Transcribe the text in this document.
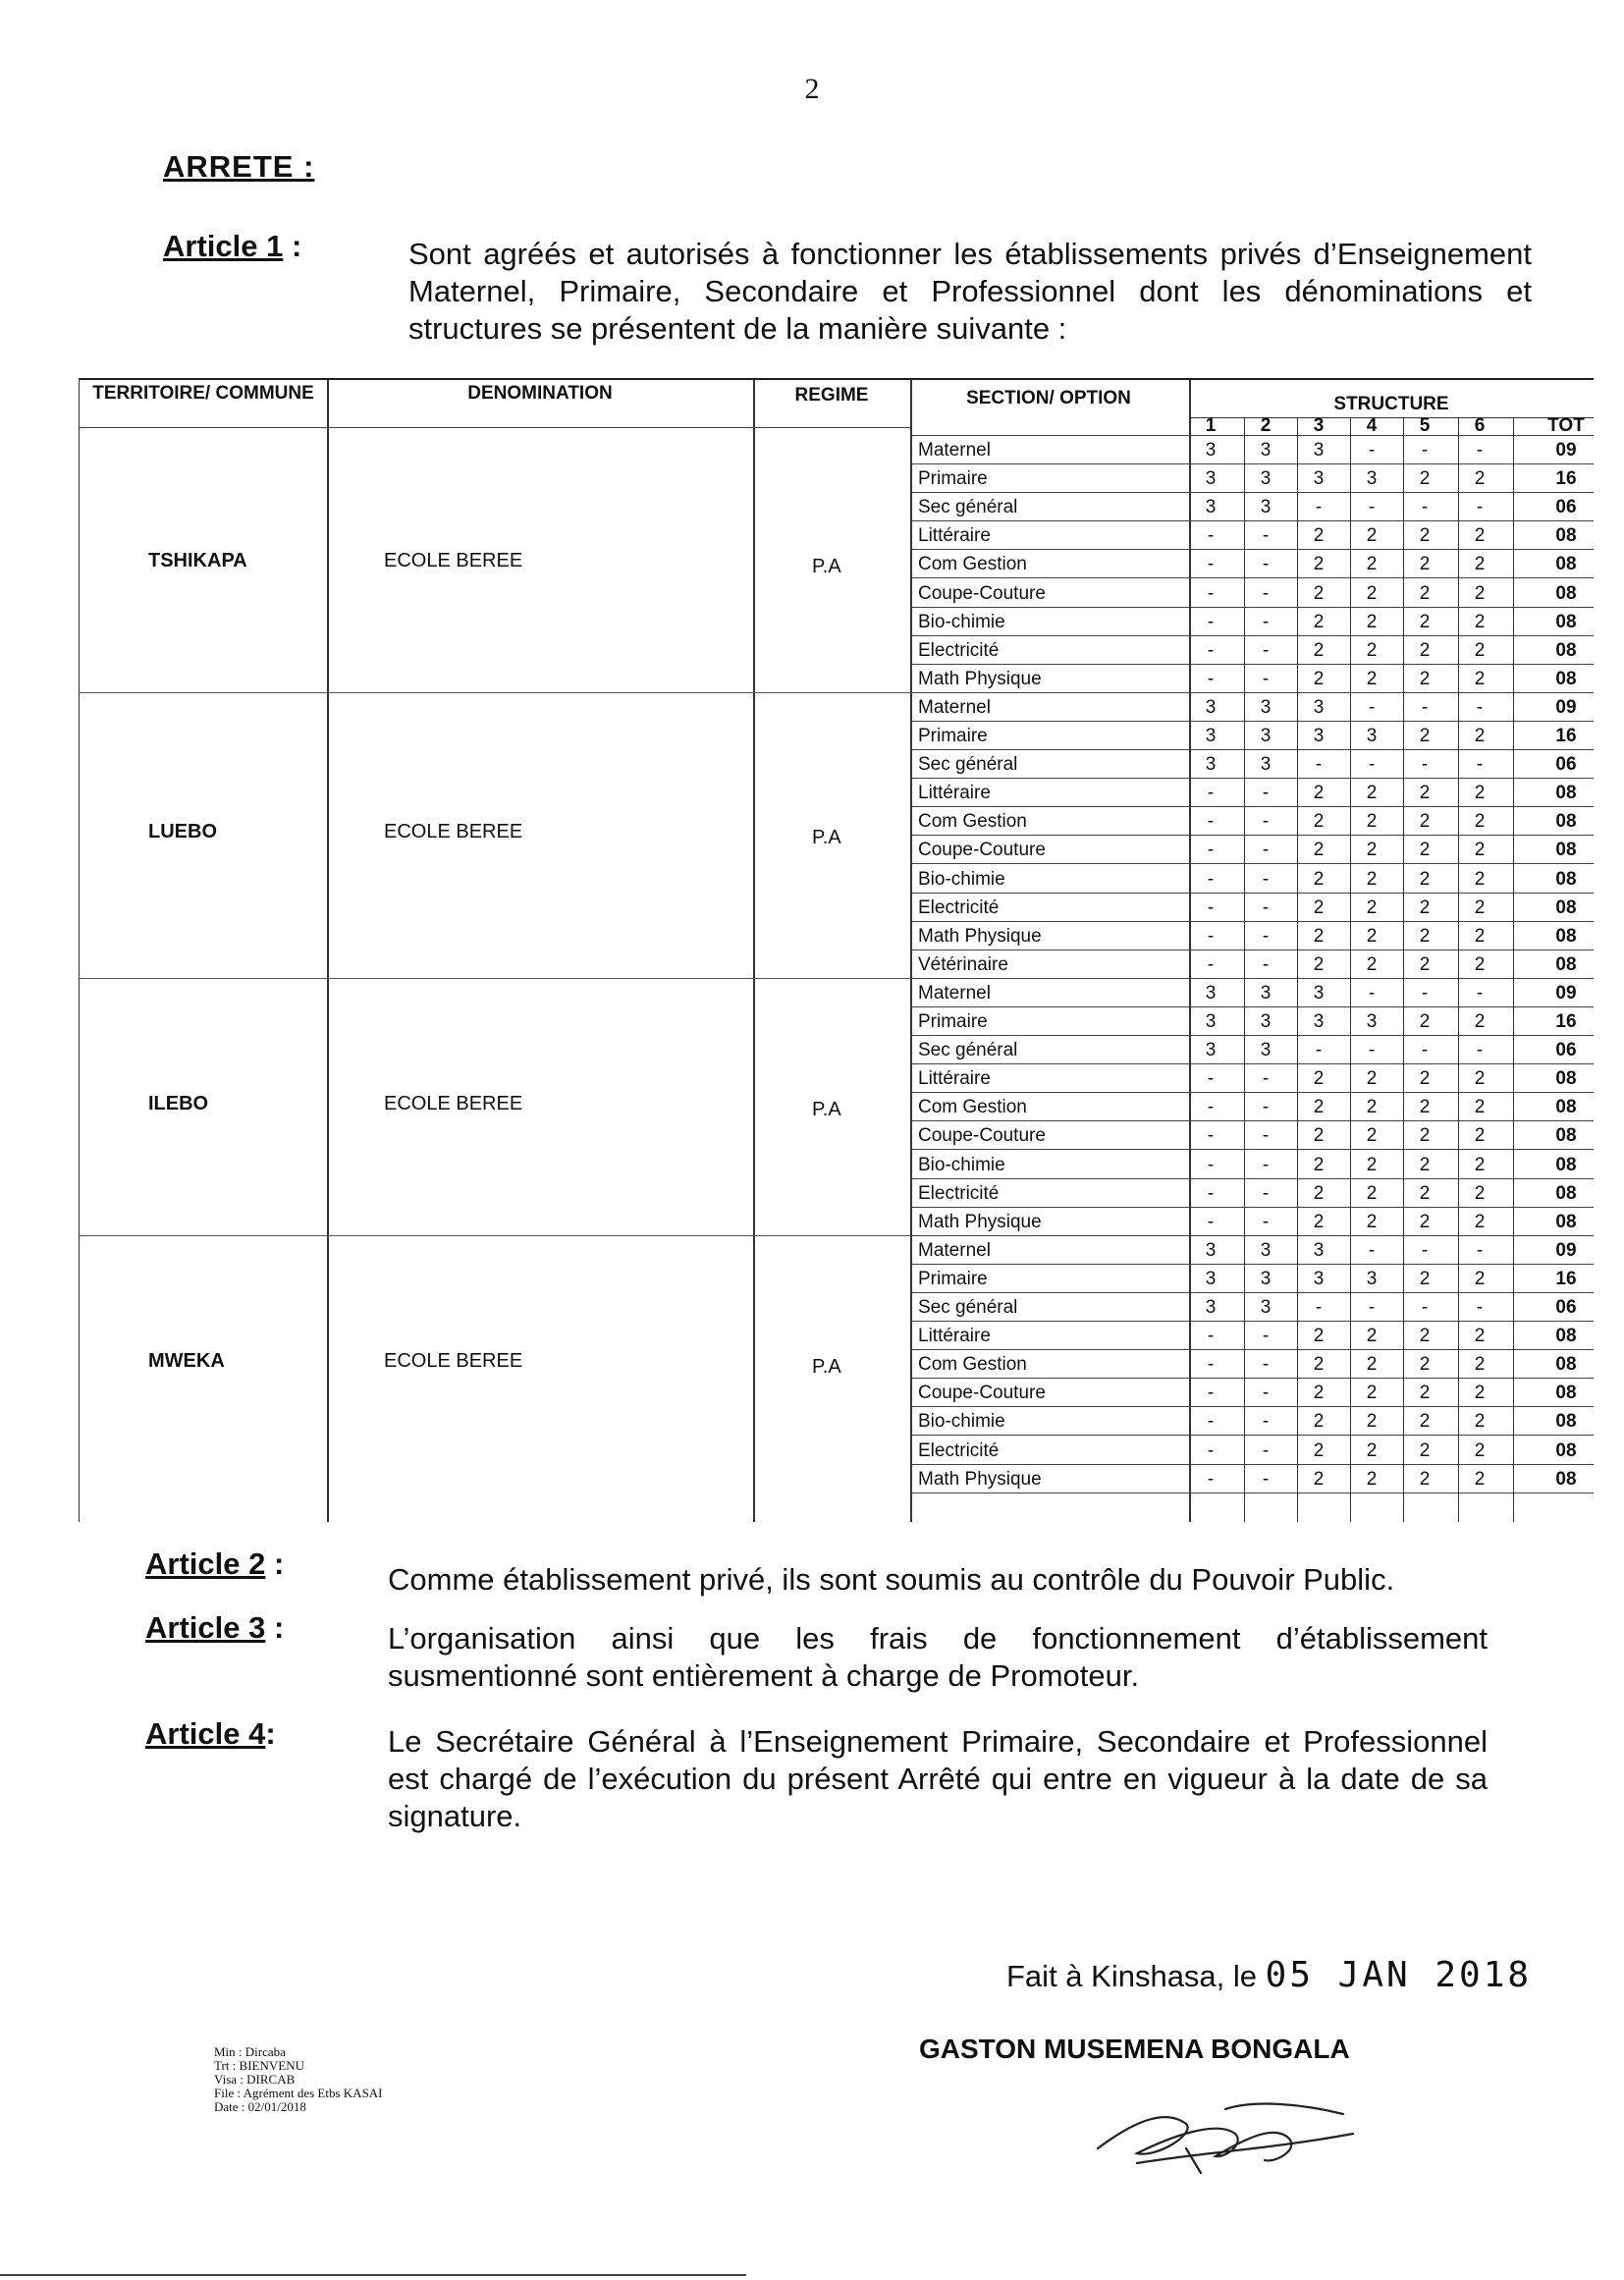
2
ARRETE :
Article 1 :	Sont agréés et autorisés à fonctionner les établissements privés d’Enseignement Maternel, Primaire, Secondaire et Professionnel dont les dénominations et structures se présentent de la manière suivante :
TERRITOIRE/ COMMUNE	DENOMINATION	REGIME	SECTION/ OPTION	STRUCTURE
1	2	3	4	5	6	TOT
TSHIKAPA	ECOLE BEREE	P.A
Maternel	3	3	3	-	-	-	09
Primaire	3	3	3	3	2	2	16
Sec général	3	3	-	-	-	-	06
Littéraire	-	-	2	2	2	2	08
Com Gestion	-	-	2	2	2	2	08
Coupe-Couture	-	-	2	2	2	2	08
Bio-chimie	-	-	2	2	2	2	08
Electricité	-	-	2	2	2	2	08
Math Physique	-	-	2	2	2	2	08
LUEBO	ECOLE BEREE	P.A
Maternel	3	3	3	-	-	-	09
Primaire	3	3	3	3	2	2	16
Sec général	3	3	-	-	-	-	06
Littéraire	-	-	2	2	2	2	08
Com Gestion	-	-	2	2	2	2	08
Coupe-Couture	-	-	2	2	2	2	08
Bio-chimie	-	-	2	2	2	2	08
Electricité	-	-	2	2	2	2	08
Math Physique	-	-	2	2	2	2	08
Vétérinaire	-	-	2	2	2	2	08
ILEBO	ECOLE BEREE	P.A
Maternel	3	3	3	-	-	-	09
Primaire	3	3	3	3	2	2	16
Sec général	3	3	-	-	-	-	06
Littéraire	-	-	2	2	2	2	08
Com Gestion	-	-	2	2	2	2	08
Coupe-Couture	-	-	2	2	2	2	08
Bio-chimie	-	-	2	2	2	2	08
Electricité	-	-	2	2	2	2	08
Math Physique	-	-	2	2	2	2	08
MWEKA	ECOLE BEREE	P.A
Maternel	3	3	3	-	-	-	09
Primaire	3	3	3	3	2	2	16
Sec général	3	3	-	-	-	-	06
Littéraire	-	-	2	2	2	2	08
Com Gestion	-	-	2	2	2	2	08
Coupe-Couture	-	-	2	2	2	2	08
Bio-chimie	-	-	2	2	2	2	08
Electricité	-	-	2	2	2	2	08
Math Physique	-	-	2	2	2	2	08
Article 2 :	Comme établissement privé, ils sont soumis au contrôle du Pouvoir Public.
Article 3 :	L’organisation ainsi que les frais de fonctionnement d’établissement susmentionné sont entièrement à charge de Promoteur.
Article 4:	Le Secrétaire Général à l’Enseignement Primaire, Secondaire et Professionnel est chargé de l’exécution du présent Arrêté qui entre en vigueur à la date de sa signature.
Fait à Kinshasa, le 05 JAN 2018
Min : Dircaba
Trt : BIENVENU
Visa : DIRCAB
File : Agrément des Etbs KASAI
Date : 02/01/2018
GASTON MUSEMENA BONGALA
